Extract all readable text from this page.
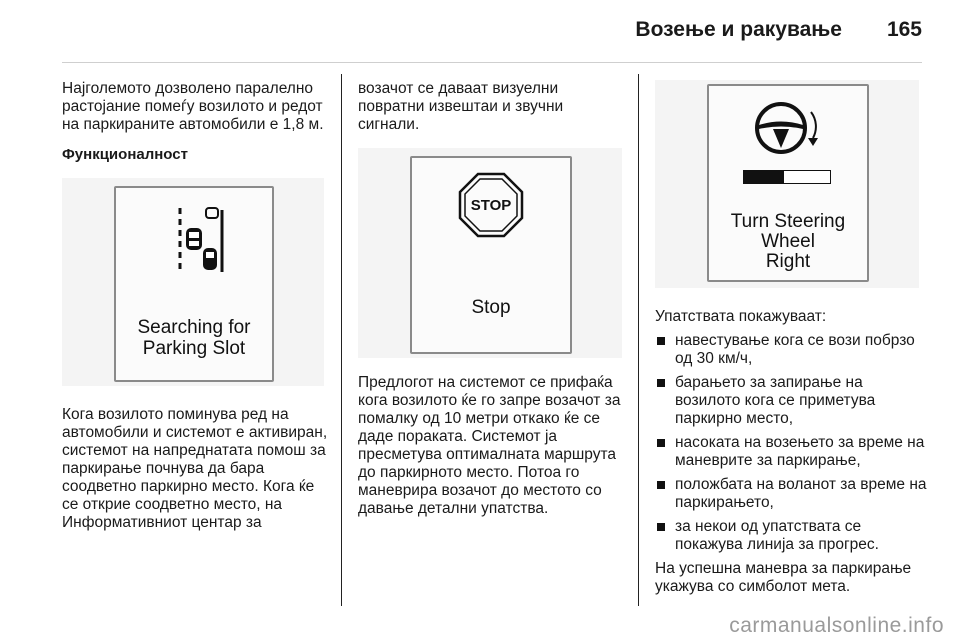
Возење и ракување 165

Најголемото дозволено паралелно растојание помеѓу возилото и редот на паркираните автомобили е 1,8 м.

Функционалност

Searching for
Parking Slot

Кога возилото поминува ред на автомобили и системот е активиран, системот на напреднатата помош за паркирање почнува да бара соодветно паркирно место. Кога ќе се открие соодветно место, на Информативниот центар за

возачот се даваат визуелни повратни извештаи и звучни сигнали.

STOP
Stop

Предлогот на системот се прифаќа кога возилото ќе го запре возачот за помалку од 10 метри откако ќе се даде пораката. Системот ја пресметува оптималната маршрута до паркирното место. Потоа го маневрира возачот до местото со давање детални упатства.

Turn Steering
Wheel
Right

Упатствата покажуваат:

навестување кога се вози побрзо од 30 км/ч,
барањето за запирање на возилото кога се приметува паркирно место,
насоката на возењето за време на маневрите за паркирање,
положбата на воланот за време на паркирањето,
за некои од упатствата се покажува линија за прогрес.

На успешна маневра за паркирање укажува со симболот мета.

carmanualsonline.info
